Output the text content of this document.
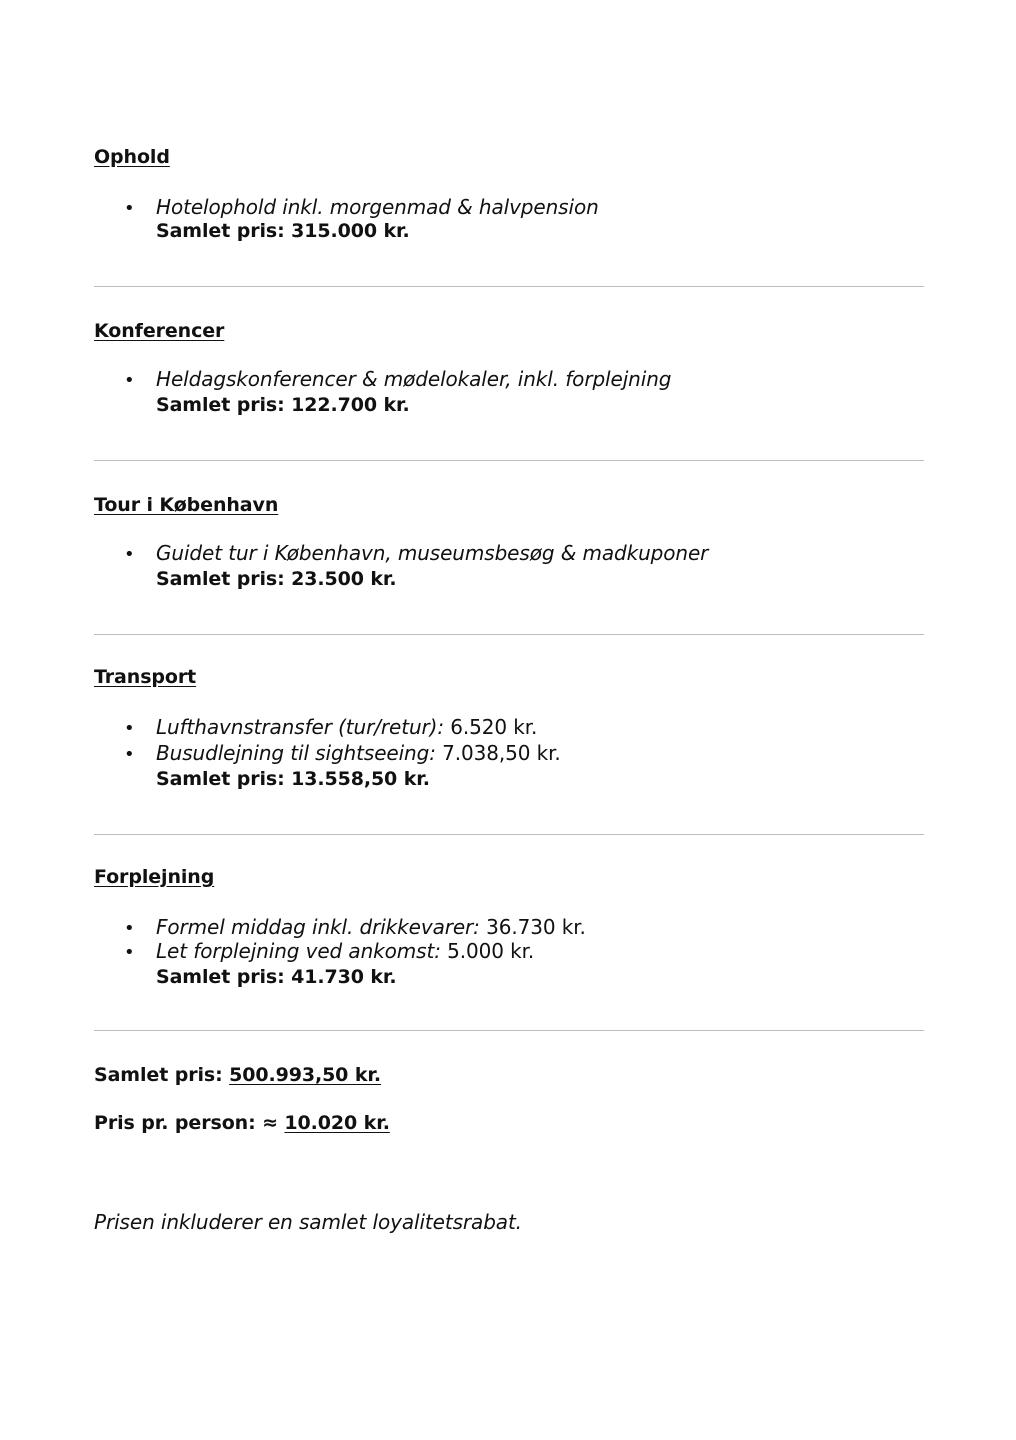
Ophold
• Hotelophold inkl. morgenmad & halvpension
Samlet pris: 315.000 kr.
Konferencer
• Heldagskonferencer & mødelokaler, inkl. forplejning
Samlet pris: 122.700 kr.
Tour i København
• Guidet tur i København, museumsbesøg & madkuponer
Samlet pris: 23.500 kr.
Transport
• Lufthavnstransfer (tur/retur): 6.520 kr.
• Busudlejning til sightseeing: 7.038,50 kr.
Samlet pris: 13.558,50 kr.
Forplejning
• Formel middag inkl. drikkevarer: 36.730 kr.
• Let forplejning ved ankomst: 5.000 kr.
Samlet pris: 41.730 kr.
Samlet pris: 500.993,50 kr.
Pris pr. person: ≈ 10.020 kr.
Prisen inkluderer en samlet loyalitetsrabat.
